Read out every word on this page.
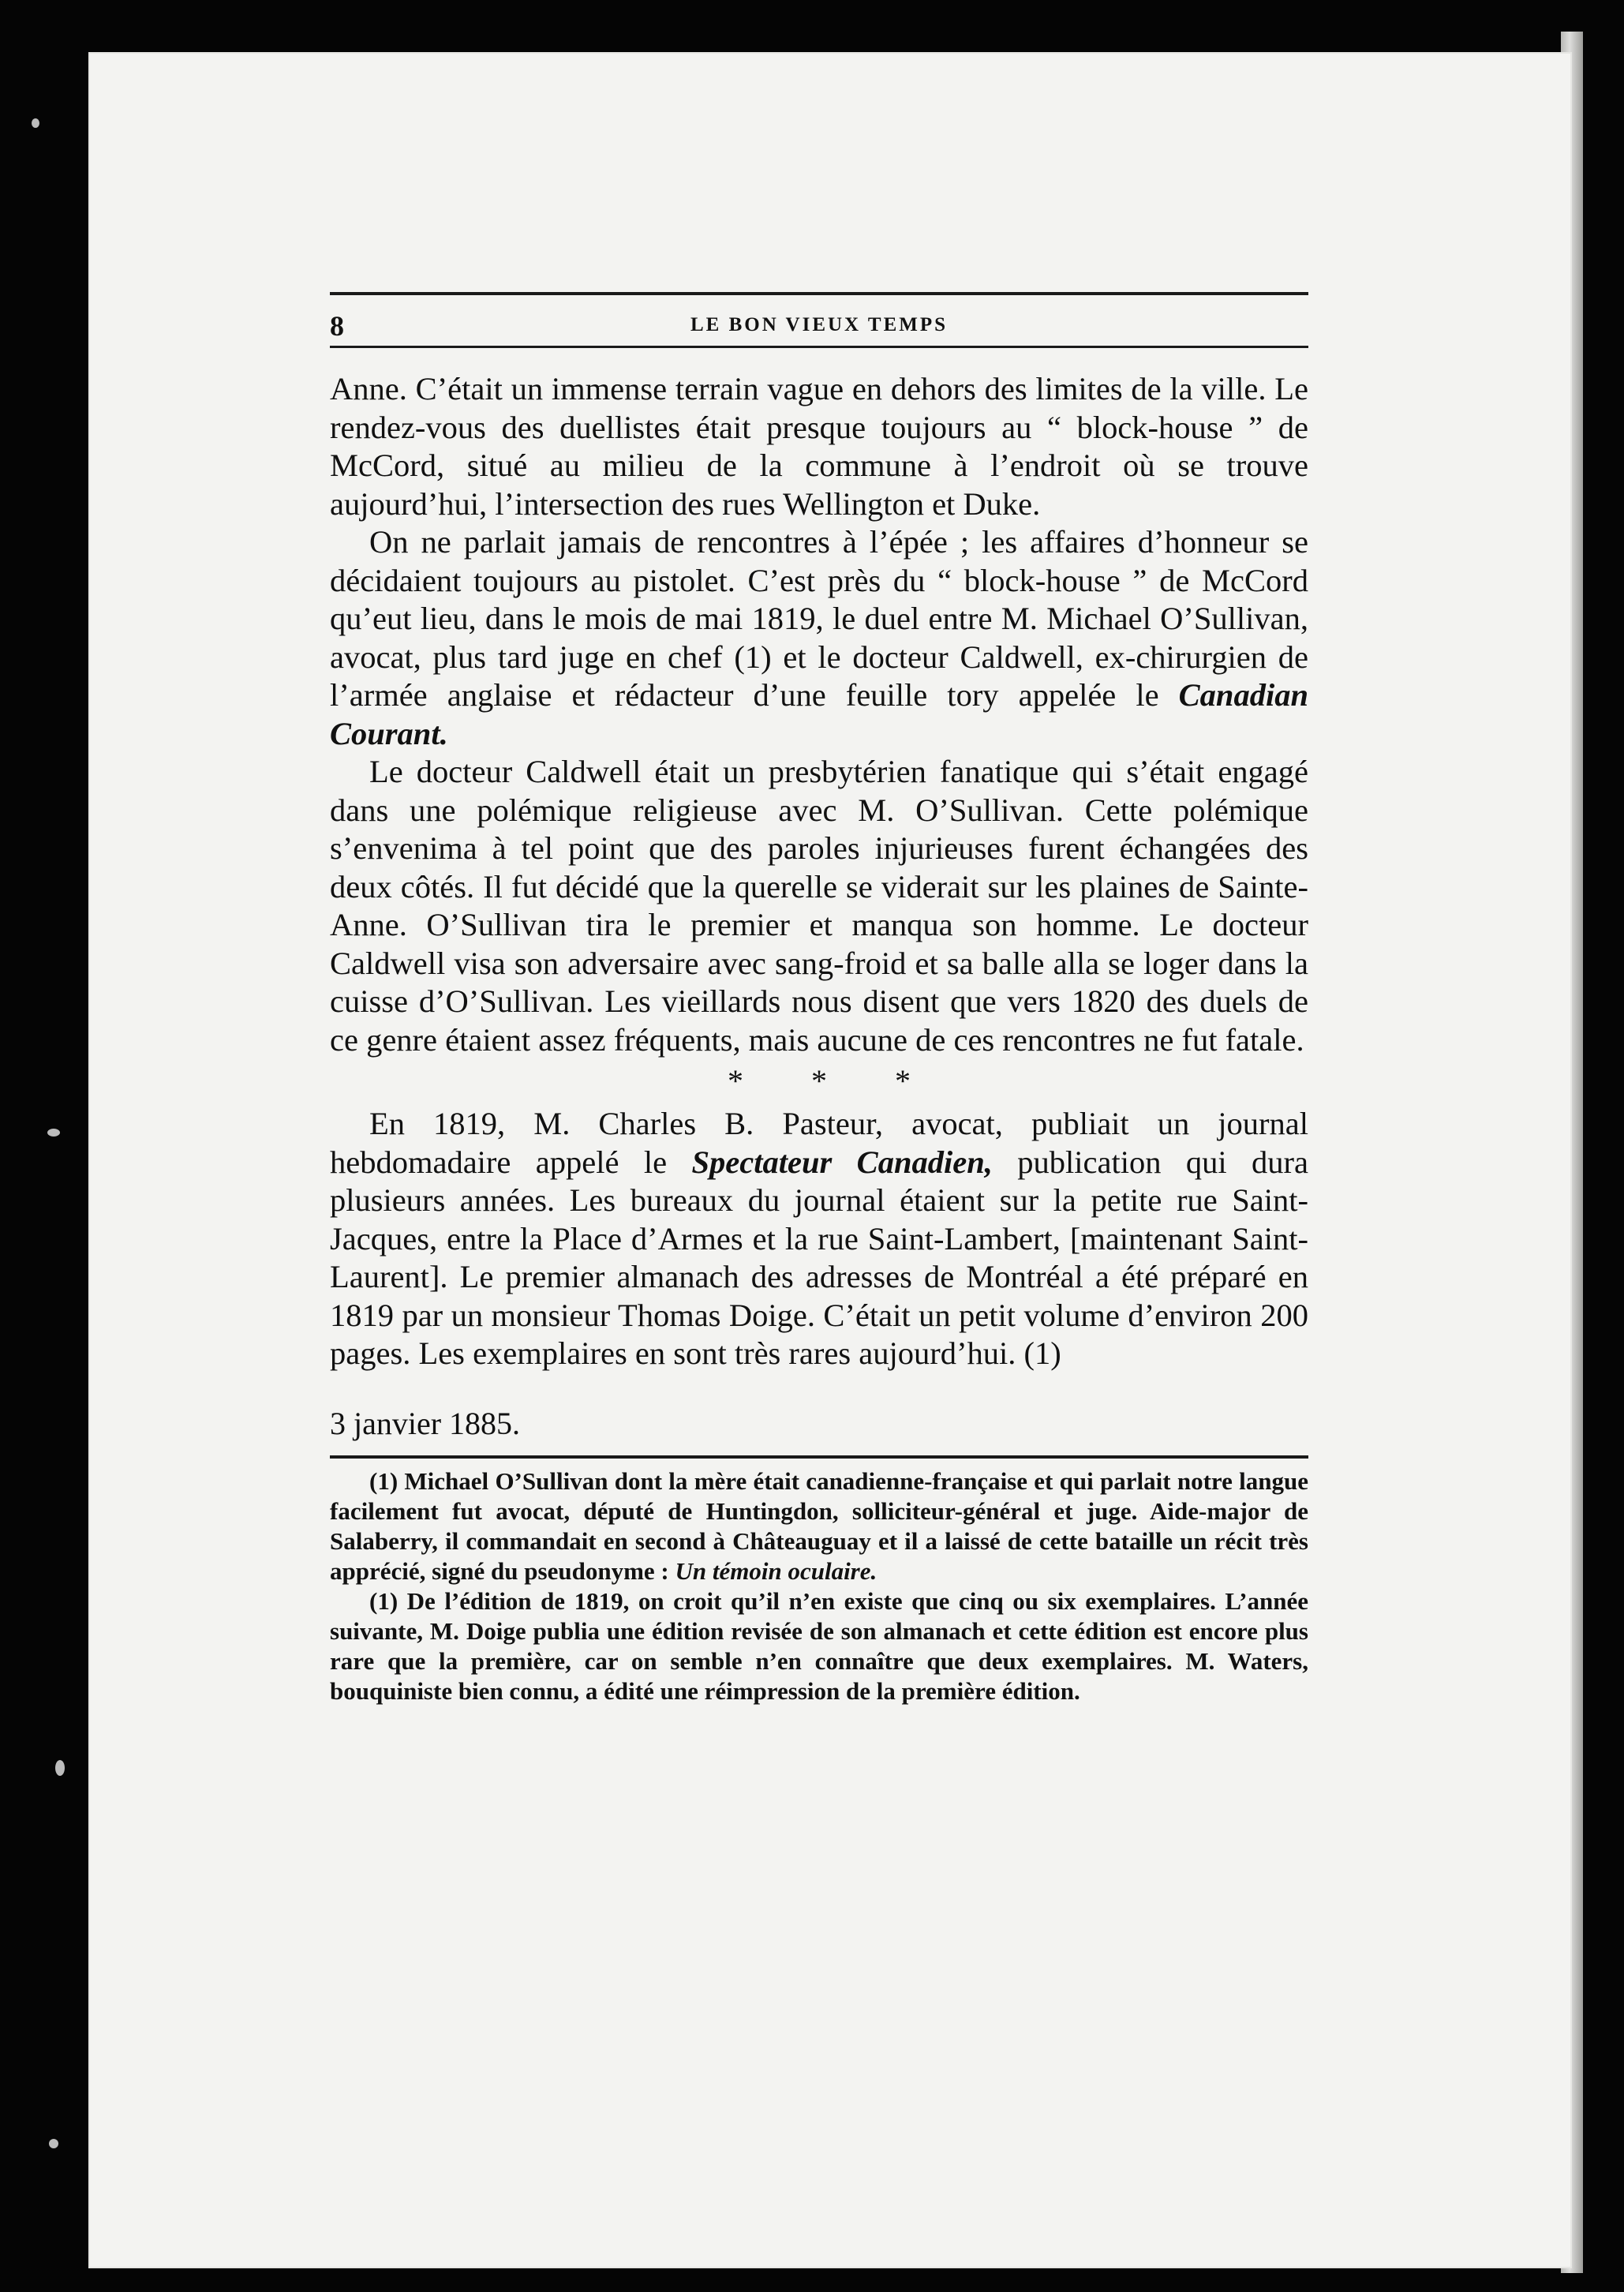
8	LE BON VIEUX TEMPS

Anne. C’était un immense terrain vague en dehors des limites de la ville. Le rendez-vous des duellistes était presque toujours au “ block-house ” de McCord, situé au milieu de la commune à l’endroit où se trouve aujourd’hui, l’intersection des rues Wellington et Duke.

On ne parlait jamais de rencontres à l’épée ; les affaires d’honneur se décidaient toujours au pistolet. C’est près du “ block-house ” de McCord qu’eut lieu, dans le mois de mai 1819, le duel entre M. Michael O’Sullivan, avocat, plus tard juge en chef (1) et le docteur Caldwell, ex-chirurgien de l’armée anglaise et rédacteur d’une feuille tory appelée le Canadian Courant.

Le docteur Caldwell était un presbytérien fanatique qui s’était engagé dans une polémique religieuse avec M. O’Sullivan. Cette polémique s’envenima à tel point que des paroles injurieuses furent échangées des deux côtés. Il fut décidé que la querelle se viderait sur les plaines de Sainte-Anne. O’Sullivan tira le premier et manqua son homme. Le docteur Caldwell visa son adversaire avec sang-froid et sa balle alla se loger dans la cuisse d’O’Sullivan. Les vieillards nous disent que vers 1820 des duels de ce genre étaient assez fréquents, mais aucune de ces rencontres ne fut fatale.

* * *

En 1819, M. Charles B. Pasteur, avocat, publiait un journal hebdomadaire appelé le Spectateur Canadien, publication qui dura plusieurs années. Les bureaux du journal étaient sur la petite rue Saint-Jacques, entre la Place d’Armes et la rue Saint-Lambert, [maintenant Saint-Laurent]. Le premier almanach des adresses de Montréal a été préparé en 1819 par un monsieur Thomas Doige. C’était un petit volume d’environ 200 pages. Les exemplaires en sont très rares aujourd’hui. (1)

3 janvier 1885.

(1) Michael O’Sullivan dont la mère était canadienne-française et qui parlait notre langue facilement fut avocat, député de Huntingdon, solliciteur-général et juge. Aide-major de Salaberry, il commandait en second à Châteauguay et il a laissé de cette bataille un récit très apprécié, signé du pseudonyme : Un témoin oculaire.

(1) De l’édition de 1819, on croit qu’il n’en existe que cinq ou six exemplaires. L’année suivante, M. Doige publia une édition revisée de son almanach et cette édition est encore plus rare que la première, car on semble n’en connaître que deux exemplaires. M. Waters, bouquiniste bien connu, a édité une réimpression de la première édition.
